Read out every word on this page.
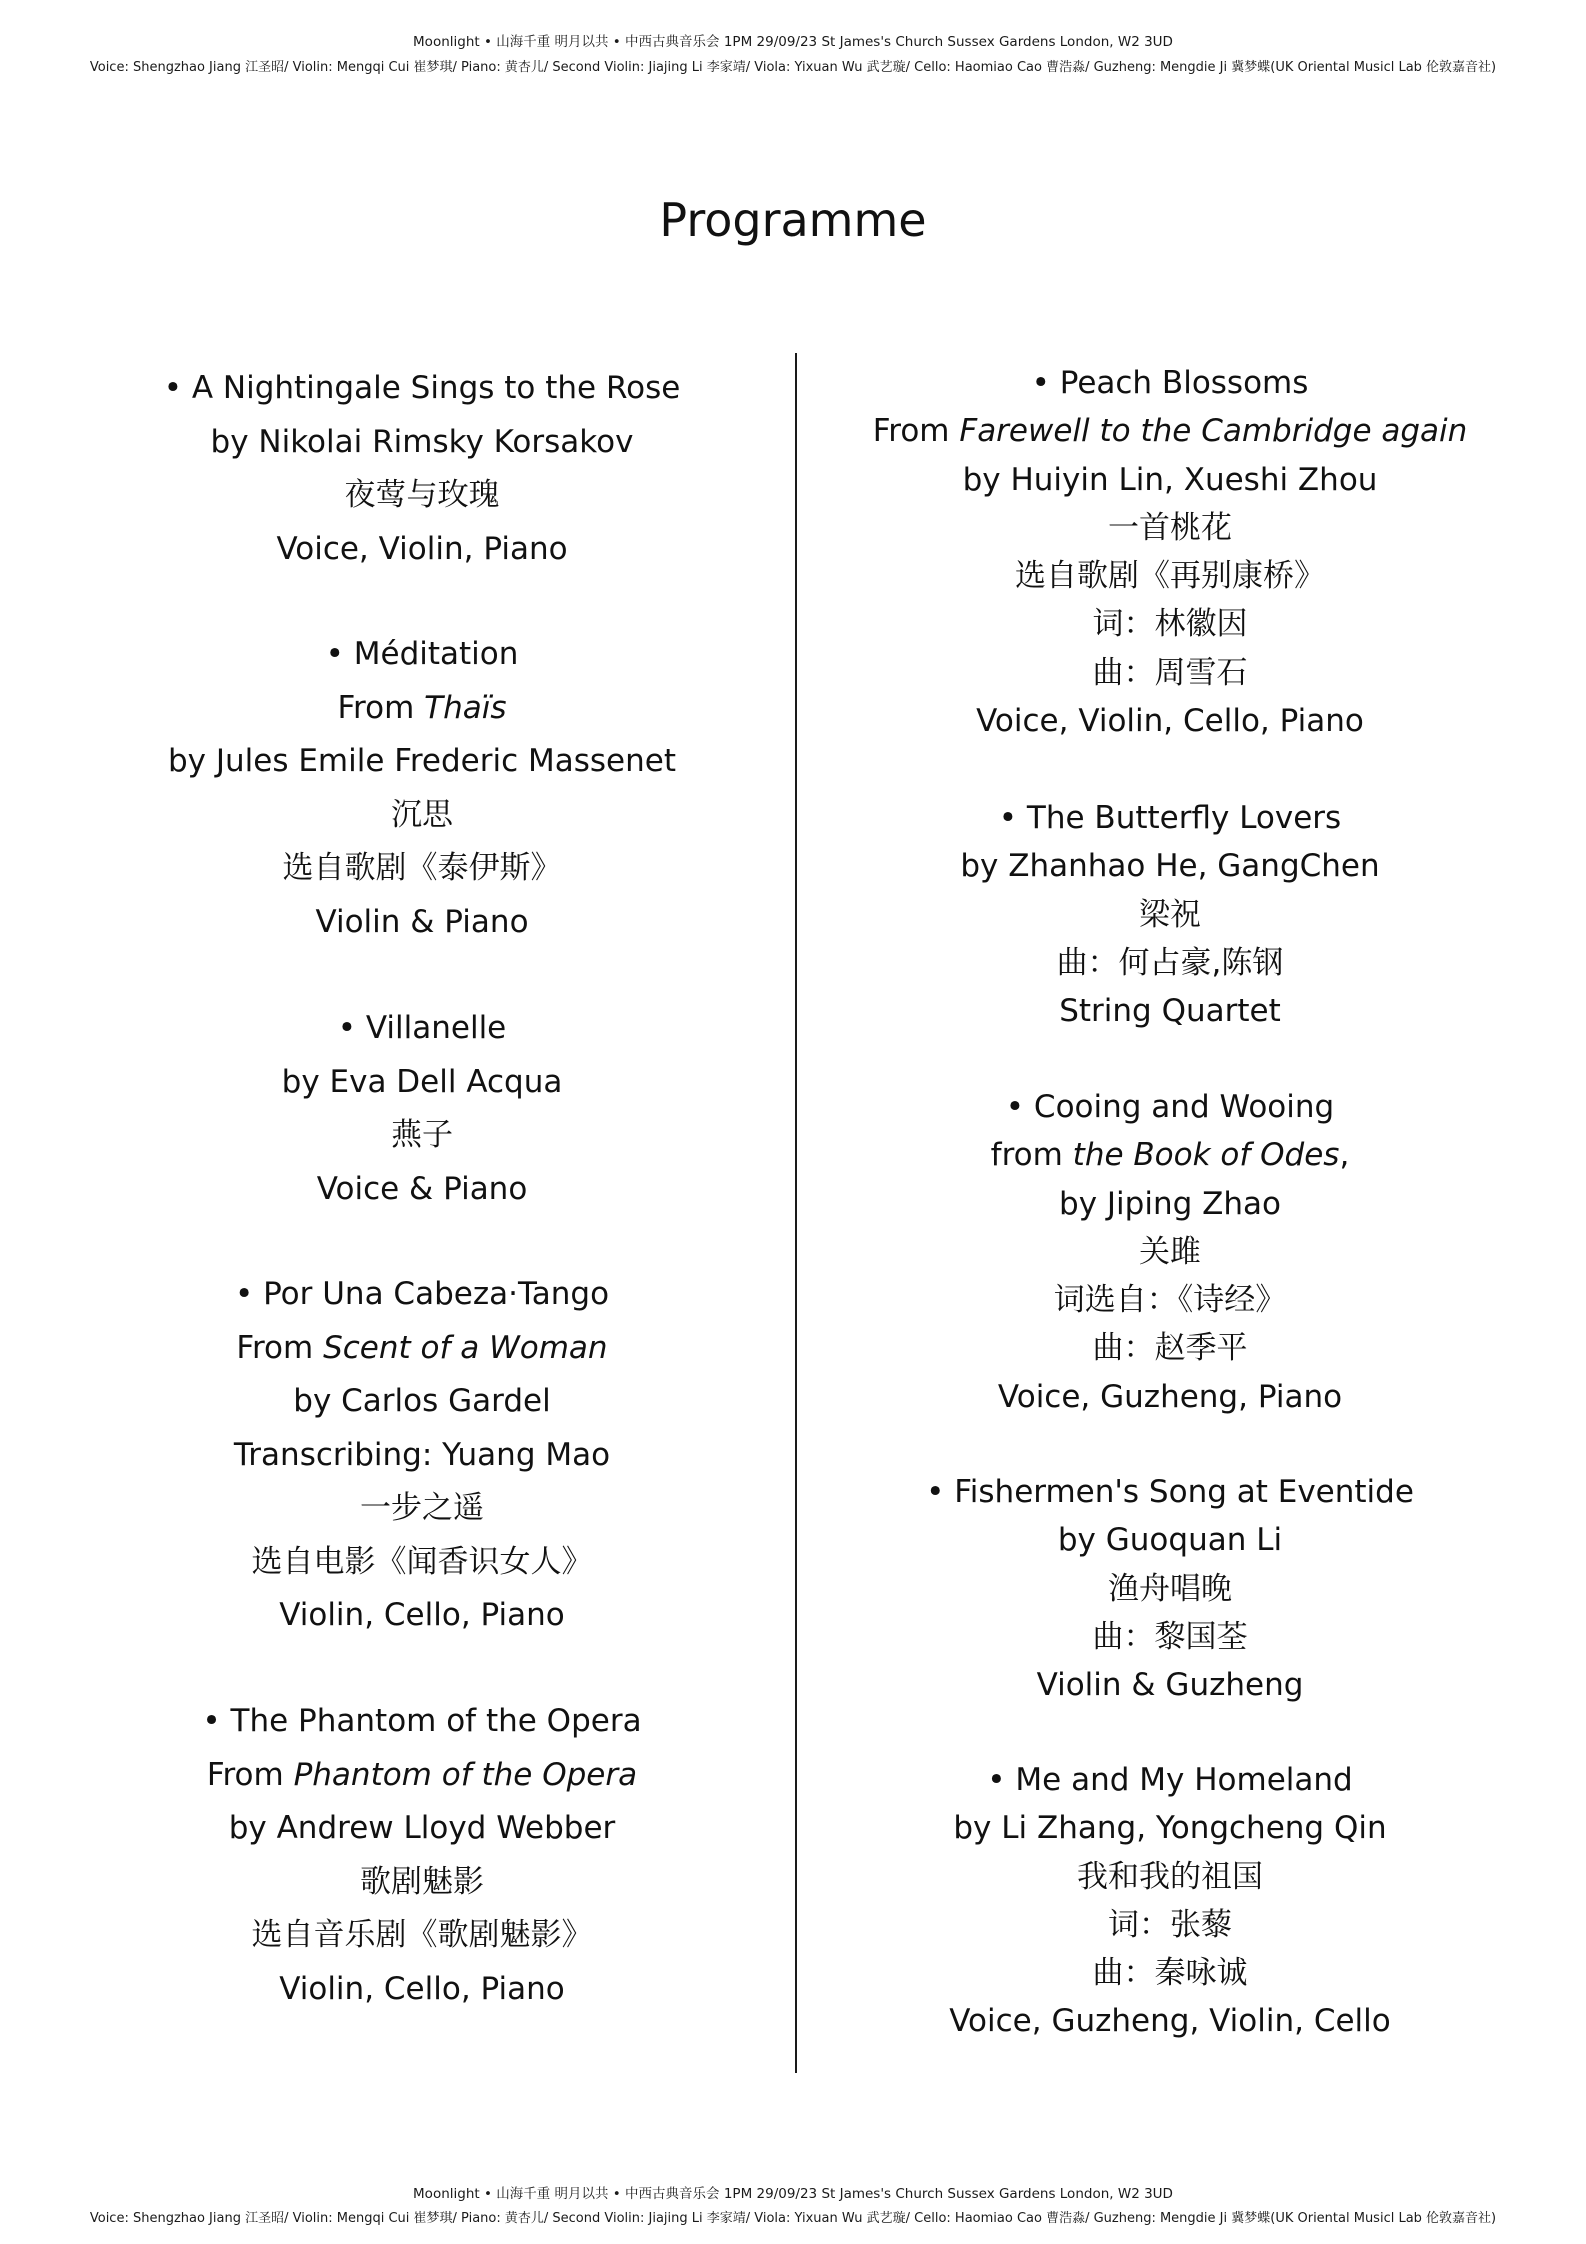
Moonlight • 山海千重 明月以共 • 中西古典音乐会 1PM 29/09/23 St James's Church Sussex Gardens London, W2 3UD
Voice: Shengzhao Jiang 江圣昭/ Violin: Mengqi Cui 崔梦琪/ Piano: 黄杏儿/ Second Violin: Jiajing Li 李家靖/ Viola: Yixuan Wu 武艺璇/ Cello: Haomiao Cao 曹浩淼/ Guzheng: Mengdie Ji 冀梦蝶(UK Oriental Musicl Lab 伦敦嘉音社)
Programme
• A Nightingale Sings to the Rose
by Nikolai Rimsky Korsakov
夜莺与玫瑰
Voice, Violin, Piano
• Méditation
From Thaïs
by Jules Emile Frederic Massenet
沉思
选自歌剧《泰伊斯》
Violin & Piano
• Villanelle
by Eva Dell Acqua
燕子
Voice & Piano
• Por Una Cabeza·Tango
From Scent of a Woman
by Carlos Gardel
Transcribing: Yuang Mao
一步之遥
选自电影《闻香识女人》
Violin, Cello, Piano
• The Phantom of the Opera
From Phantom of the Opera
by Andrew Lloyd Webber
歌剧魅影
选自音乐剧《歌剧魅影》
Violin, Cello, Piano
• Peach Blossoms
From Farewell to the Cambridge again
by Huiyin Lin, Xueshi Zhou
一首桃花
选自歌剧《再别康桥》
词：林徽因
曲：周雪石
Voice, Violin, Cello, Piano
• The Butterfly Lovers
by Zhanhao He, GangChen
梁祝
曲：何占豪,陈钢
String Quartet
• Cooing and Wooing
from the Book of Odes,
by Jiping Zhao
关雎
词选自：《诗经》
曲：赵季平
Voice, Guzheng, Piano
• Fishermen's Song at Eventide
by Guoquan Li
渔舟唱晚
曲：黎国荃
Violin & Guzheng
• Me and My Homeland
by Li Zhang, Yongcheng Qin
我和我的祖国
词：张藜
曲：秦咏诚
Voice, Guzheng, Violin, Cello
Moonlight • 山海千重 明月以共 • 中西古典音乐会 1PM 29/09/23 St James's Church Sussex Gardens London, W2 3UD
Voice: Shengzhao Jiang 江圣昭/ Violin: Mengqi Cui 崔梦琪/ Piano: 黄杏儿/ Second Violin: Jiajing Li 李家靖/ Viola: Yixuan Wu 武艺璇/ Cello: Haomiao Cao 曹浩淼/ Guzheng: Mengdie Ji 冀梦蝶(UK Oriental Musicl Lab 伦敦嘉音社)
